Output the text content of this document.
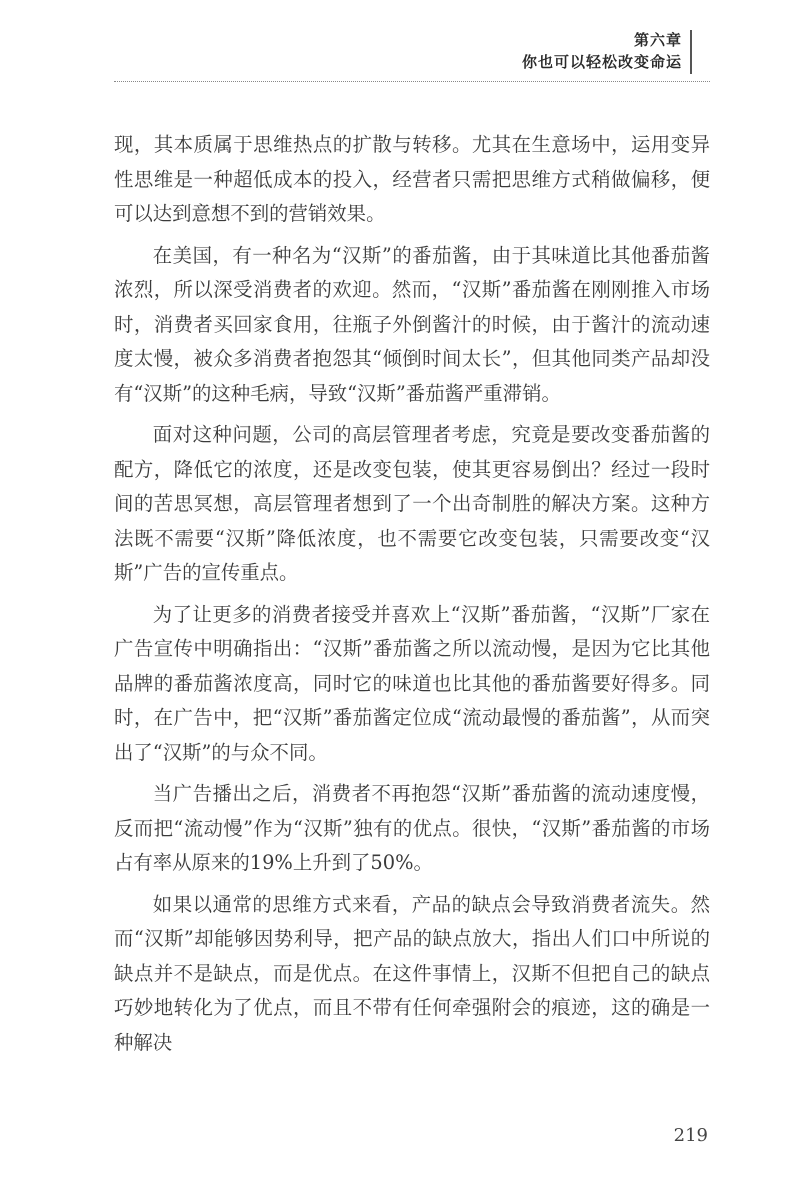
第六章
你也可以轻松改变命运

现，其本质属于思维热点的扩散与转移。尤其在生意场中，运用变异性思维是一种超低成本的投入，经营者只需把思维方式稍做偏移，便可以达到意想不到的营销效果。

在美国，有一种名为“汉斯”的番茄酱，由于其味道比其他番茄酱浓烈，所以深受消费者的欢迎。然而，“汉斯”番茄酱在刚刚推入市场时，消费者买回家食用，往瓶子外倒酱汁的时候，由于酱汁的流动速度太慢，被众多消费者抱怨其“倾倒时间太长”，但其他同类产品却没有“汉斯”的这种毛病，导致“汉斯”番茄酱严重滞销。

面对这种问题，公司的高层管理者考虑，究竟是要改变番茄酱的配方，降低它的浓度，还是改变包装，使其更容易倒出？经过一段时间的苦思冥想，高层管理者想到了一个出奇制胜的解决方案。这种方法既不需要“汉斯”降低浓度，也不需要它改变包装，只需要改变“汉斯”广告的宣传重点。

为了让更多的消费者接受并喜欢上“汉斯”番茄酱，“汉斯”厂家在广告宣传中明确指出：“汉斯”番茄酱之所以流动慢，是因为它比其他品牌的番茄酱浓度高，同时它的味道也比其他的番茄酱要好得多。同时，在广告中，把“汉斯”番茄酱定位成“流动最慢的番茄酱”，从而突出了“汉斯”的与众不同。

当广告播出之后，消费者不再抱怨“汉斯”番茄酱的流动速度慢，反而把“流动慢”作为“汉斯”独有的优点。很快，“汉斯”番茄酱的市场占有率从原来的19%上升到了50%。

如果以通常的思维方式来看，产品的缺点会导致消费者流失。然而“汉斯”却能够因势利导，把产品的缺点放大，指出人们口中所说的缺点并不是缺点，而是优点。在这件事情上，汉斯不但把自己的缺点巧妙地转化为了优点，而且不带有任何牵强附会的痕迹，这的确是一种解决

219
